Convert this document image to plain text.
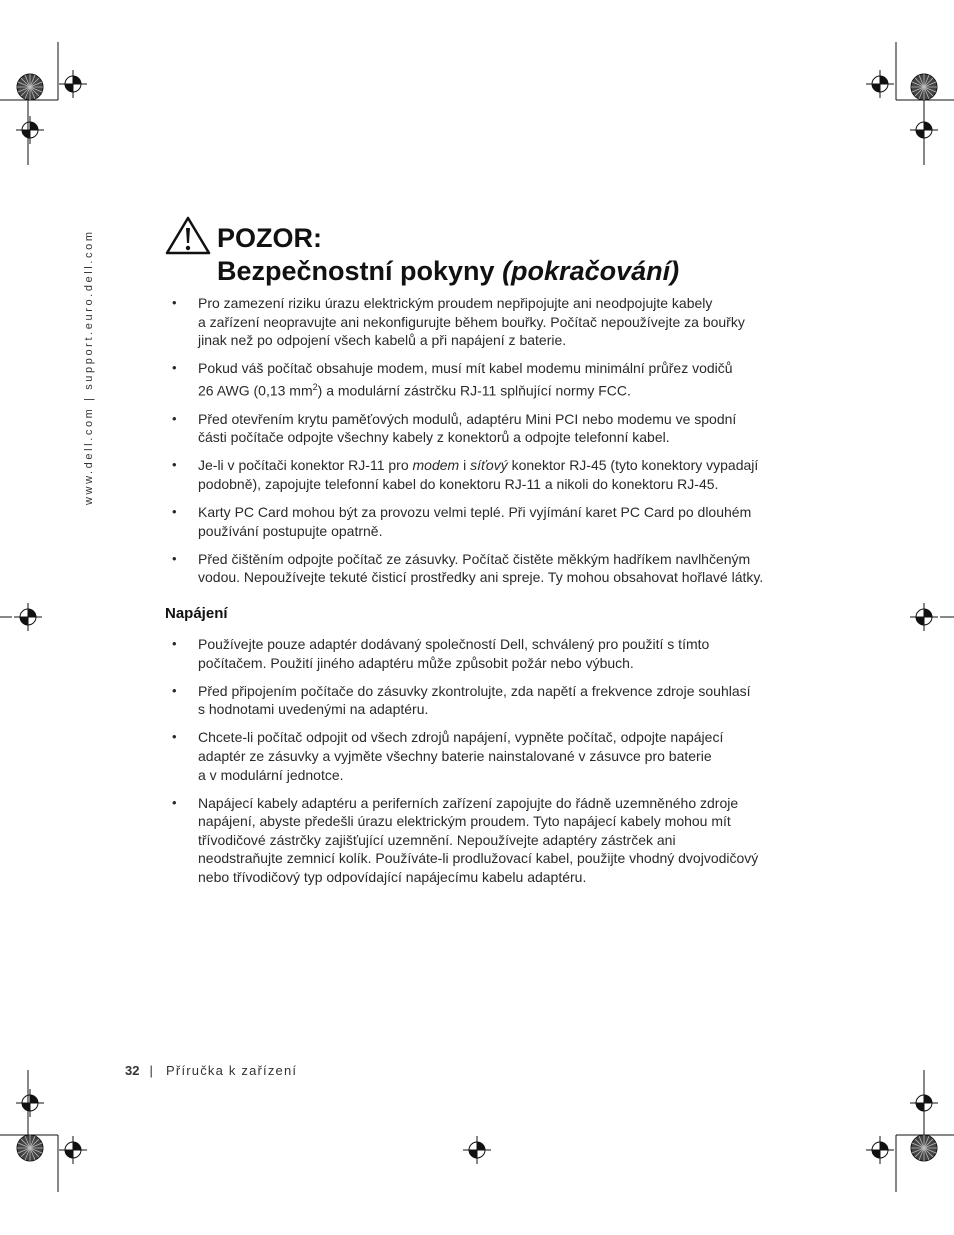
www.dell.com | support.euro.dell.com	POZOR:
Bezpečnostní pokyny (pokračování)
• Pro zamezení riziku úrazu elektrickým proudem nepřipojujte ani neodpojujte kabely
a zařízení neopravujte ani nekonfigurujte během bouřky. Počítač nepoužívejte za bouřky
jinak než po odpojení všech kabelů a při napájení z baterie.
• Pokud váš počítač obsahuje modem, musí mít kabel modemu minimální průřez vodičů
26 AWG (0,13 $mm^2$) a modulární zástrčku RJ-11 splňující normy FCC.
• Před otevřením krytu paměťových modulů, adaptéru Mini PCI nebo modemu ve spodní
části počítače odpojte všechny kabely z konektorů a odpojte telefonní kabel.
• Je-li v počítači konektor RJ-11 pro modem i síťový konektor RJ-45 (tyto konektory vypadají
podobně), zapojujte telefonní kabel do konektoru RJ-11 a nikoli do konektoru RJ-45.
• Karty PC Card mohou být za provozu velmi teplé. Při vyjímání karet PC Card po dlouhém
používání postupujte opatrně.
• Před čištěním odpojte počítač ze zásuvky. Počítač čistěte měkkým hadříkem navlhčeným
vodou. Nepoužívejte tekuté čisticí prostředky ani spreje. Ty mohou obsahovat hořlavé látky.
Napájení
• Používejte pouze adaptér dodávaný společností Dell, schválený pro použití s tímto
počítačem. Použití jiného adaptéru může způsobit požár nebo výbuch.
• Před připojením počítače do zásuvky zkontrolujte, zda napětí a frekvence zdroje souhlasí
s hodnotami uvedenými na adaptéru.
• Chcete-li počítač odpojit od všech zdrojů napájení, vypněte počítač, odpojte napájecí
adaptér ze zásuvky a vyjměte všechny baterie nainstalované v zásuvce pro baterie
a v modulární jednotce.
• Napájecí kabely adaptéru a periferních zařízení zapojujte do řádně uzemněného zdroje
napájení, abyste předešli úrazu elektrickým proudem. Tyto napájecí kabely mohou mít
třívodičové zástrčky zajišťující uzemnění. Nepoužívejte adaptéry zástrček ani
neodstraňujte zemnicí kolík. Používáte-li prodlužovací kabel, použijte vhodný dvojvodičový
nebo třívodičový typ odpovídající napájecímu kabelu adaptéru.
32 | Příručka k zařízení
